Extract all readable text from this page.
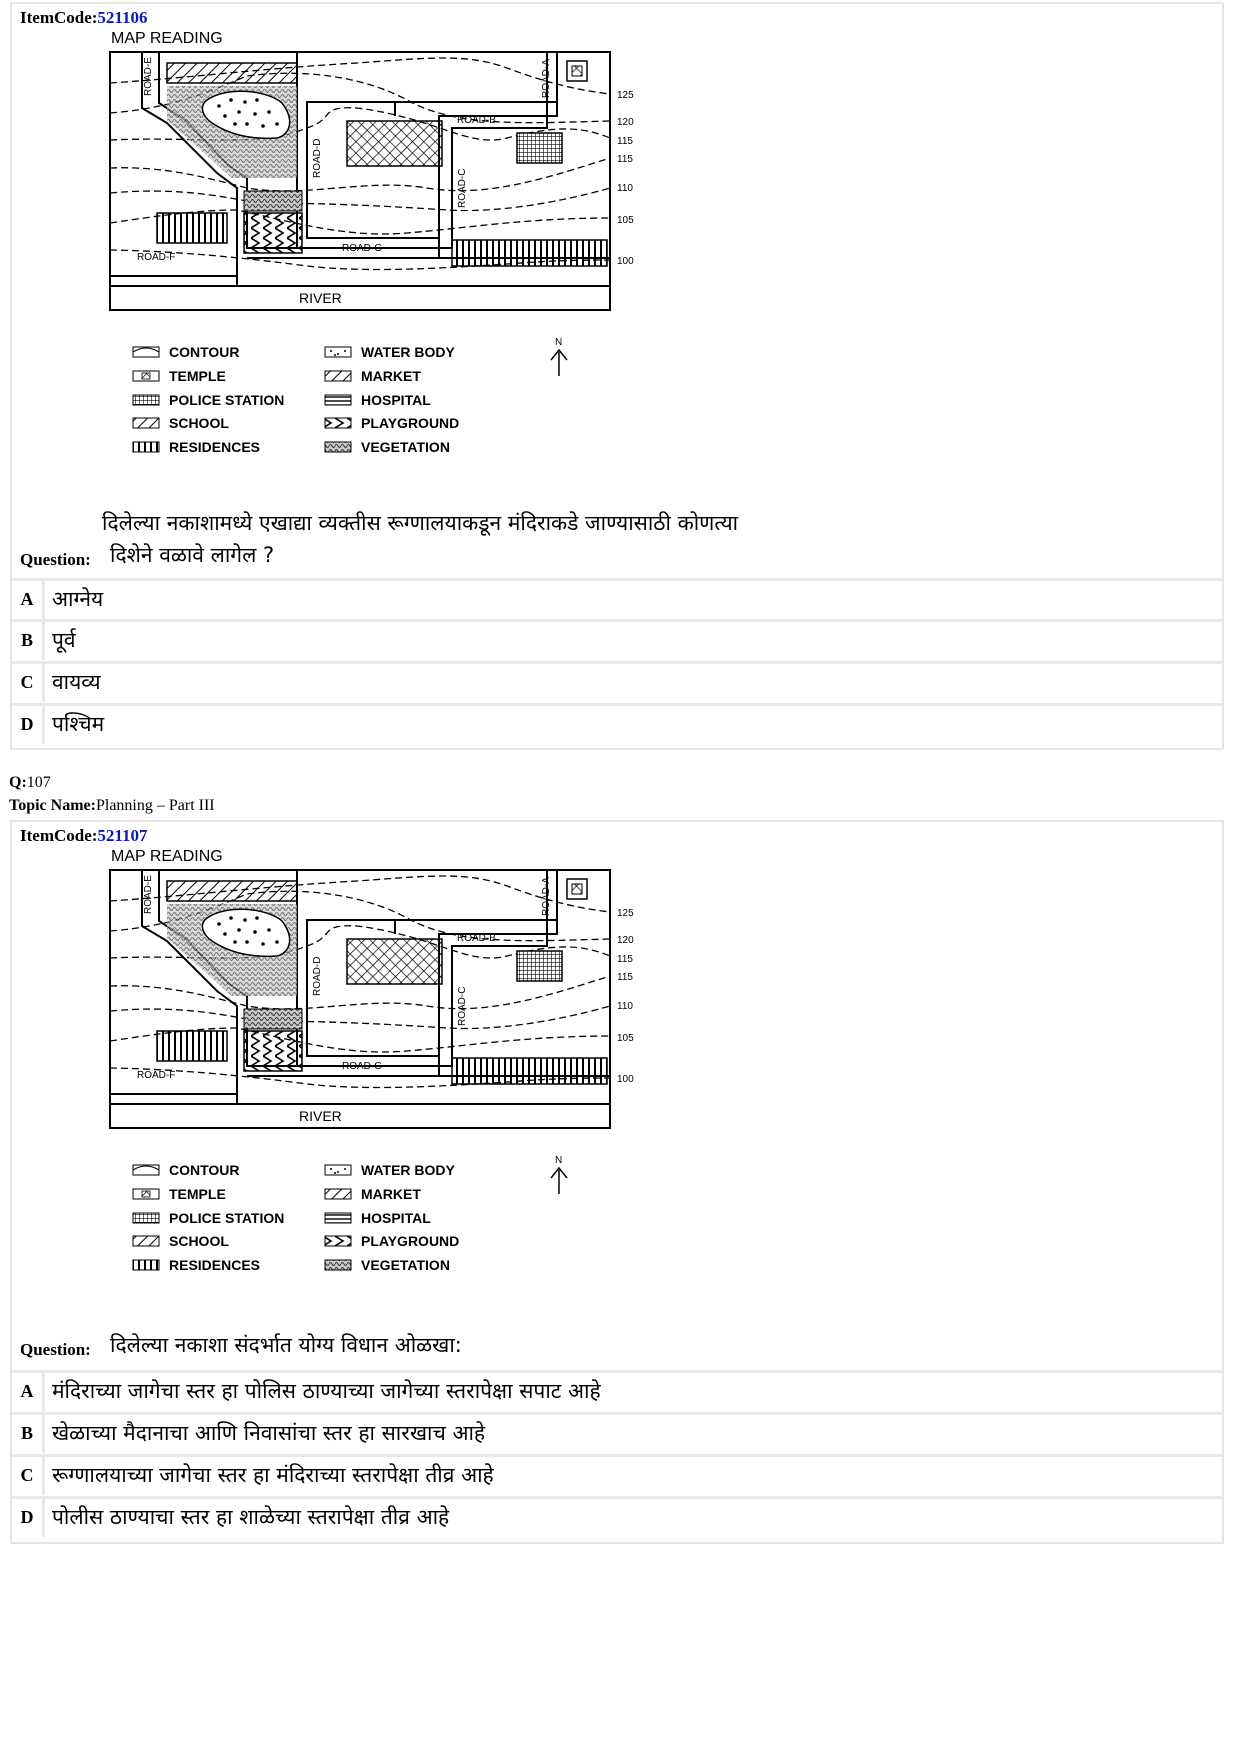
ItemCode:521106
MAP READING
RIVER
ROAD-E	ROAD-A
ROAD-B
ROAD-D
ROAD-C
ROAD-G
ROAD-F
125
120
115
115
110
105
100
CONTOUR
TEMPLE
POLICE STATION
SCHOOL
RESIDENCES
WATER BODY
MARKET
HOSPITAL
PLAYGROUND
VEGETATION
N
दिलेल्या नकाशामध्ये एखाद्या व्यक्तीस रूग्णालयाकडून मंदिराकडे जाण्यासाठी कोणत्या
Question: दिशेने वळावे लागेल ?
A आग्नेय
B पूर्व
C वायव्य
D पश्चिम
Q:107
Topic Name:Planning – Part III
ItemCode:521107
MAP READING
RIVER
ROAD-E	ROAD-A
ROAD-B
ROAD-D
ROAD-C
ROAD-G
ROAD-F
125
120
115
115
110
105
100
CONTOUR
TEMPLE
POLICE STATION
SCHOOL
RESIDENCES
WATER BODY
MARKET
HOSPITAL
PLAYGROUND
VEGETATION
N
Question: दिलेल्या नकाशा संदर्भात योग्य विधान ओळखा:
A मंदिराच्या जागेचा स्तर हा पोलिस ठाण्याच्या जागेच्या स्तरापेक्षा सपाट आहे
B खेळाच्या मैदानाचा आणि निवासांचा स्तर हा सारखाच आहे
C रूग्णालयाच्या जागेचा स्तर हा मंदिराच्या स्तरापेक्षा तीव्र आहे
D पोलीस ठाण्याचा स्तर हा शाळेच्या स्तरापेक्षा तीव्र आहे
